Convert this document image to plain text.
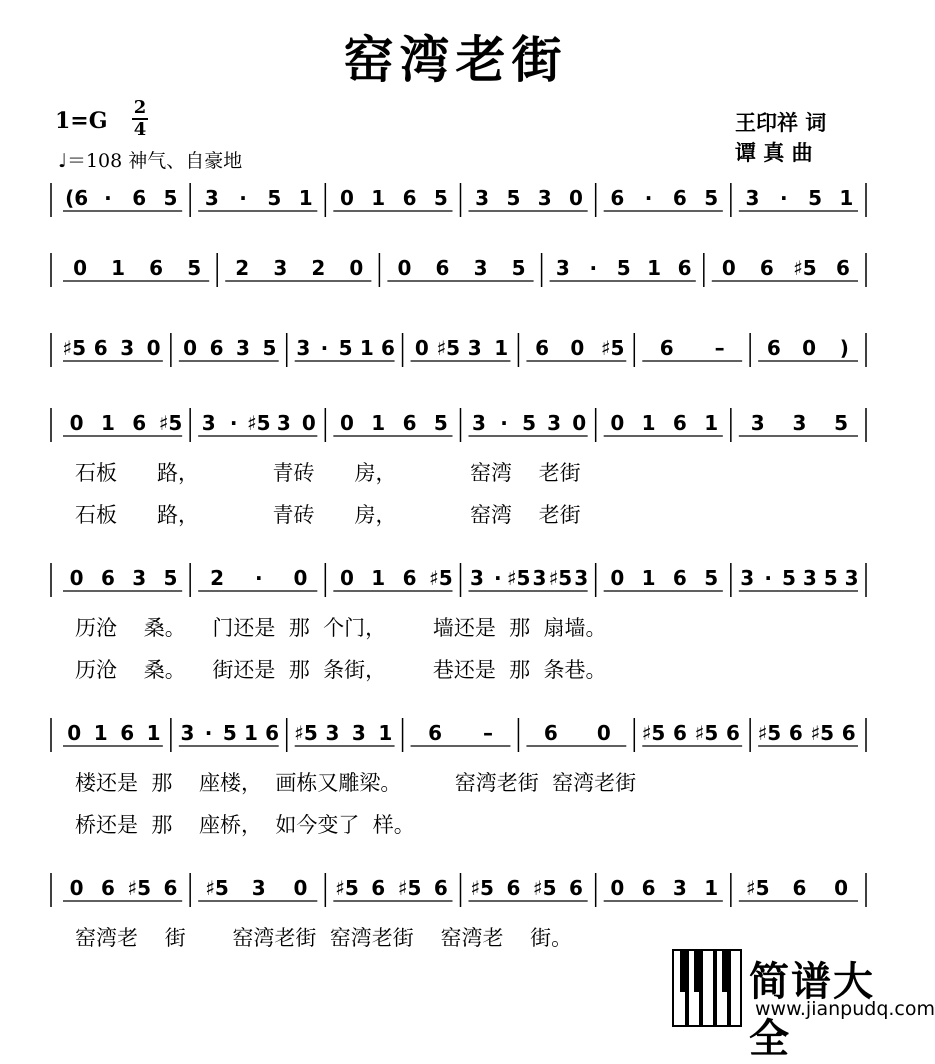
窑湾老街
1=G
2
4
♩＝108 神气、自豪地
王印祥 词
谭 真 曲
(6 · 6 5 3 · 5 1 0 1 6 5 3 5 3 0 6 · 6 5 3 · 5 1
0 1 6 5 2 3 2 0 0 6 3 5 3 · 5 1 6 0 6 ♯5 6
♯5 6 3 0 0 6 3 5 3 · 5 1 6 0 ♯5 3 1 6 0 ♯5 6 – 6 0 )
0 1 6 ♯5 3 · ♯5 3 0 0 1 6 5 3 · 5 3 0 0 1 6 1 3 3 5
石板      路，           青砖      房，           窑湾    老街
石板      路，           青砖      房，           窑湾    老街
0 6 3 5 2 · 0 0 1 6 ♯5 3 · ♯5 3 ♯5 3 0 1 6 5 3 · 5 3 5 3
历沧    桑。    门还是  那  个门，       墙还是  那  扇墙。
历沧    桑。    街还是  那  条街，       巷还是  那  条巷。
0 1 6 1 3 · 5 1 6 ♯5 3 3 1 6 –	6 0 ♯5 6 ♯5 6 ♯5 6 ♯5 6
楼还是  那    座楼，  画栋又雕梁。        窑湾老街  窑湾老街
桥还是  那    座桥，  如今变了  样。
0 6 ♯5 6 ♯5 3 0 ♯5 6 ♯5 6 ♯5 6 ♯5 6 0 6 3 1 ♯5 6 0
窑湾老    街       窑湾老街  窑湾老街    窑湾老    街。
简谱大全
www.jianpudq.com
